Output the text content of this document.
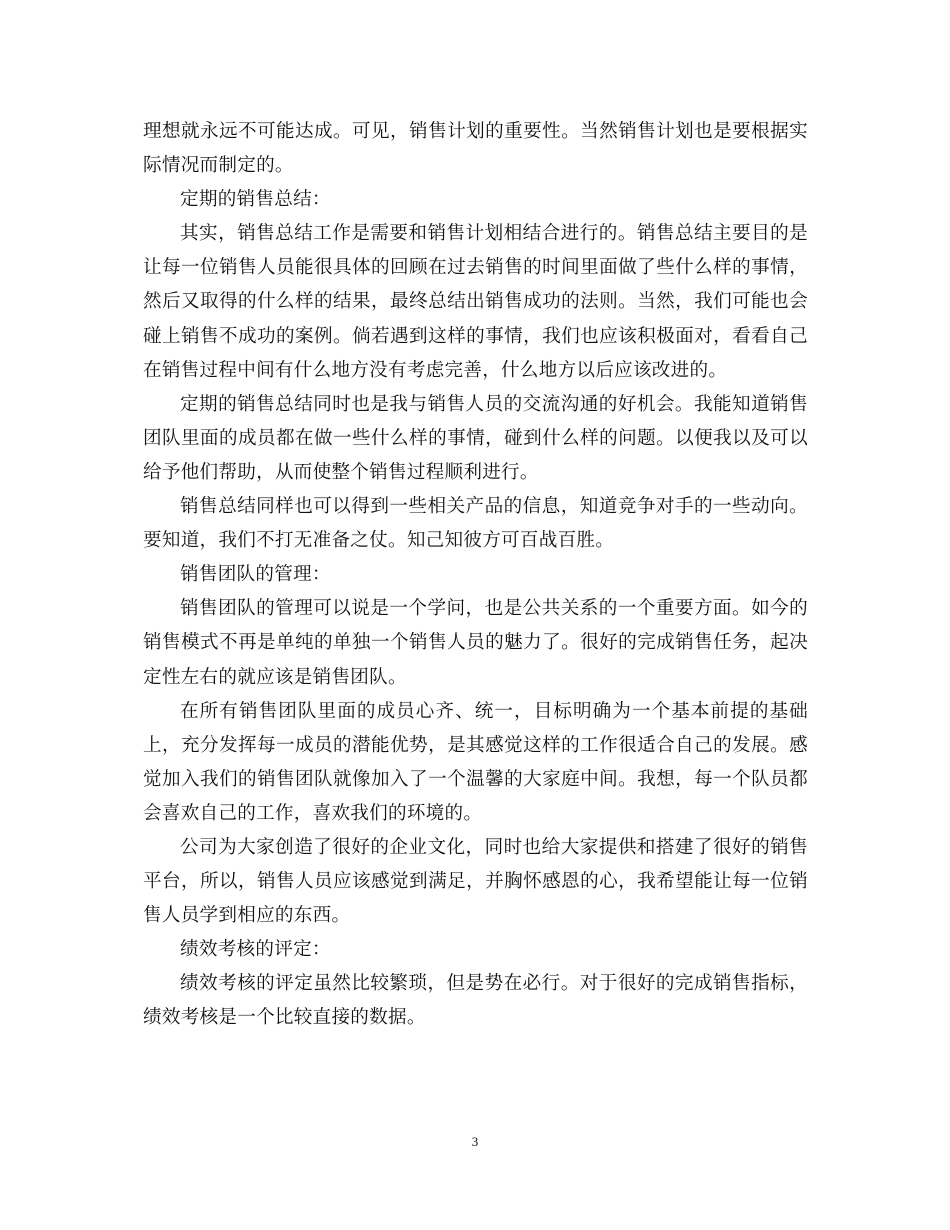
理想就永远不可能达成。可见，销售计划的重要性。当然销售计划也是要根据实际情况而制定的。

定期的销售总结：

其实，销售总结工作是需要和销售计划相结合进行的。销售总结主要目的是让每一位销售人员能很具体的回顾在过去销售的时间里面做了些什么样的事情，然后又取得的什么样的结果，最终总结出销售成功的法则。当然，我们可能也会碰上销售不成功的案例。倘若遇到这样的事情，我们也应该积极面对，看看自己在销售过程中间有什么地方没有考虑完善，什么地方以后应该改进的。

定期的销售总结同时也是我与销售人员的交流沟通的好机会。我能知道销售团队里面的成员都在做一些什么样的事情，碰到什么样的问题。以便我以及可以给予他们帮助，从而使整个销售过程顺利进行。

销售总结同样也可以得到一些相关产品的信息，知道竞争对手的一些动向。要知道，我们不打无准备之仗。知己知彼方可百战百胜。

销售团队的管理：

销售团队的管理可以说是一个学问，也是公共关系的一个重要方面。如今的销售模式不再是单纯的单独一个销售人员的魅力了。很好的完成销售任务，起决定性左右的就应该是销售团队。

在所有销售团队里面的成员心齐、统一，目标明确为一个基本前提的基础上，充分发挥每一成员的潜能优势，是其感觉这样的工作很适合自己的发展。感觉加入我们的销售团队就像加入了一个温馨的大家庭中间。我想，每一个队员都会喜欢自己的工作，喜欢我们的环境的。

公司为大家创造了很好的企业文化，同时也给大家提供和搭建了很好的销售平台，所以，销售人员应该感觉到满足，并胸怀感恩的心，我希望能让每一位销售人员学到相应的东西。

绩效考核的评定：

绩效考核的评定虽然比较繁琐，但是势在必行。对于很好的完成销售指标，绩效考核是一个比较直接的数据。

3
